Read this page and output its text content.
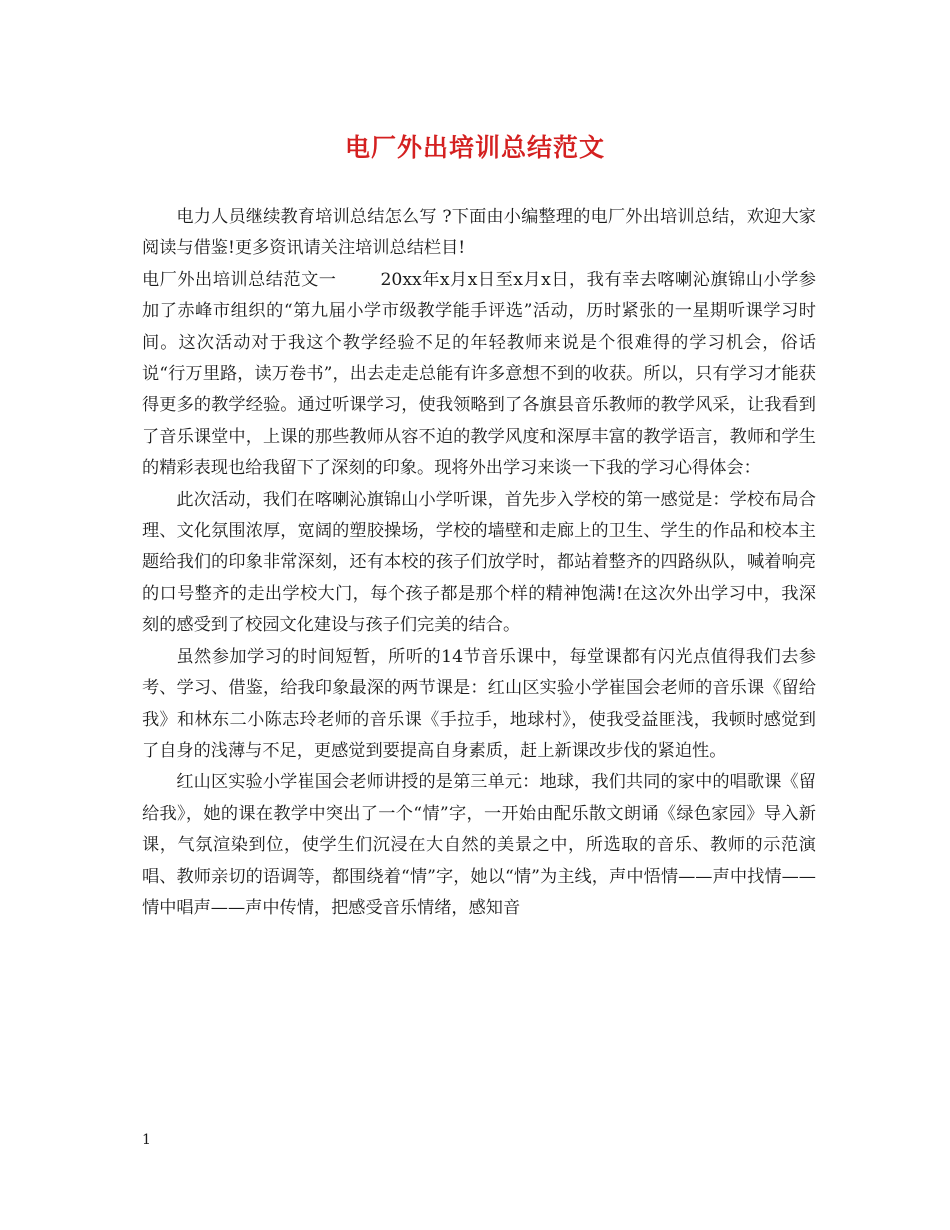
电厂外出培训总结范文

电力人员继续教育培训总结怎么写 ?下面由小编整理的电厂外出培训总结，欢迎大家阅读与借鉴!更多资讯请关注培训总结栏目!

电厂外出培训总结范文一	20xx年x月x日至x月x日，我有幸去喀喇沁旗锦山小学参加了赤峰市组织的“第九届小学市级教学能手评选”活动，历时紧张的一星期听课学习时间。这次活动对于我这个教学经验不足的年轻教师来说是个很难得的学习机会，俗话说“行万里路，读万卷书”，出去走走总能有许多意想不到的收获。所以，只有学习才能获得更多的教学经验。通过听课学习，使我领略到了各旗县音乐教师的教学风采，让我看到了音乐课堂中，上课的那些教师从容不迫的教学风度和深厚丰富的教学语言，教师和学生的精彩表现也给我留下了深刻的印象。现将外出学习来谈一下我的学习心得体会：

此次活动，我们在喀喇沁旗锦山小学听课，首先步入学校的第一感觉是：学校布局合理、文化氛围浓厚，宽阔的塑胶操场，学校的墙壁和走廊上的卫生、学生的作品和校本主题给我们的印象非常深刻，还有本校的孩子们放学时，都站着整齐的四路纵队，喊着响亮的口号整齐的走出学校大门，每个孩子都是那个样的精神饱满!在这次外出学习中，我深刻的感受到了校园文化建设与孩子们完美的结合。

虽然参加学习的时间短暂，所听的14节音乐课中，每堂课都有闪光点值得我们去参考、学习、借鉴，给我印象最深的两节课是：红山区实验小学崔国会老师的音乐课《留给我》和林东二小陈志玲老师的音乐课《手拉手，地球村》，使我受益匪浅，我顿时感觉到了自身的浅薄与不足，更感觉到要提高自身素质，赶上新课改步伐的紧迫性。

红山区实验小学崔国会老师讲授的是第三单元：地球，我们共同的家中的唱歌课《留给我》，她的课在教学中突出了一个“情”字，一开始由配乐散文朗诵《绿色家园》导入新课，气氛渲染到位，使学生们沉浸在大自然的美景之中，所选取的音乐、教师的示范演唱、教师亲切的语调等，都围绕着“情”字，她以“情”为主线，声中悟情——声中找情——情中唱声——声中传情，把感受音乐情绪，感知音

1
